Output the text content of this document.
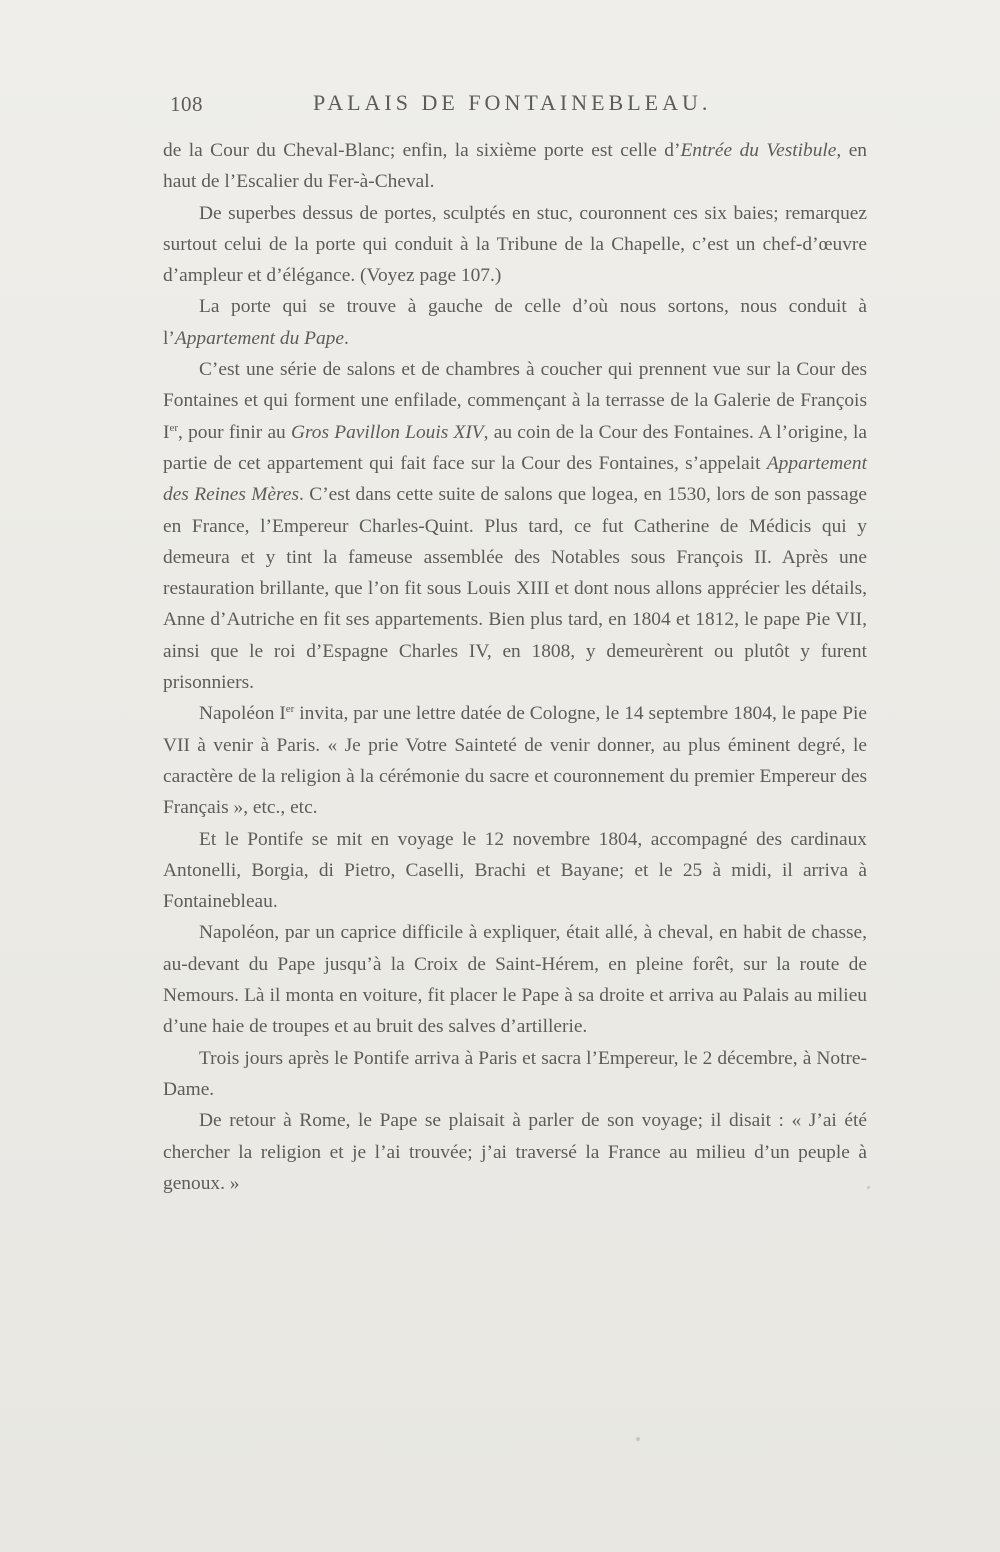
108	PALAIS DE FONTAINEBLEAU.

de la Cour du Cheval-Blanc; enfin, la sixième porte est celle d’Entrée du Vestibule, en haut de l’Escalier du Fer-à-Cheval.

De superbes dessus de portes, sculptés en stuc, couronnent ces six baies; remarquez surtout celui de la porte qui conduit à la Tribune de la Chapelle, c’est un chef-d’œuvre d’ampleur et d’élégance. (Voyez page 107.)

La porte qui se trouve à gauche de celle d’où nous sortons, nous conduit à l’Appartement du Pape.

C’est une série de salons et de chambres à coucher qui prennent vue sur la Cour des Fontaines et qui forment une enfilade, commençant à la terrasse de la Galerie de François Ier, pour finir au Gros Pavillon Louis XIV, au coin de la Cour des Fontaines. A l’origine, la partie de cet appartement qui fait face sur la Cour des Fontaines, s’appelait Appartement des Reines Mères. C’est dans cette suite de salons que logea, en 1530, lors de son passage en France, l’Empereur Charles-Quint. Plus tard, ce fut Catherine de Médicis qui y demeura et y tint la fameuse assemblée des Notables sous François II. Après une restauration brillante, que l’on fit sous Louis XIII et dont nous allons apprécier les détails, Anne d’Autriche en fit ses appartements. Bien plus tard, en 1804 et 1812, le pape Pie VII, ainsi que le roi d’Espagne Charles IV, en 1808, y demeurèrent ou plutôt y furent prisonniers.

Napoléon Ier invita, par une lettre datée de Cologne, le 14 septembre 1804, le pape Pie VII à venir à Paris. « Je prie Votre Sainteté de venir donner, au plus éminent degré, le caractère de la religion à la cérémonie du sacre et couronnement du premier Empereur des Français », etc., etc.

Et le Pontife se mit en voyage le 12 novembre 1804, accompagné des cardinaux Antonelli, Borgia, di Pietro, Caselli, Brachi et Bayane; et le 25 à midi, il arriva à Fontainebleau.

Napoléon, par un caprice difficile à expliquer, était allé, à cheval, en habit de chasse, au-devant du Pape jusqu’à la Croix de Saint-Hérem, en pleine forêt, sur la route de Nemours. Là il monta en voiture, fit placer le Pape à sa droite et arriva au Palais au milieu d’une haie de troupes et au bruit des salves d’artillerie.

Trois jours après le Pontife arriva à Paris et sacra l’Empereur, le 2 décembre, à Notre-Dame.

De retour à Rome, le Pape se plaisait à parler de son voyage; il disait : « J’ai été chercher la religion et je l’ai trouvée; j’ai traversé la France au milieu d’un peuple à genoux. »
